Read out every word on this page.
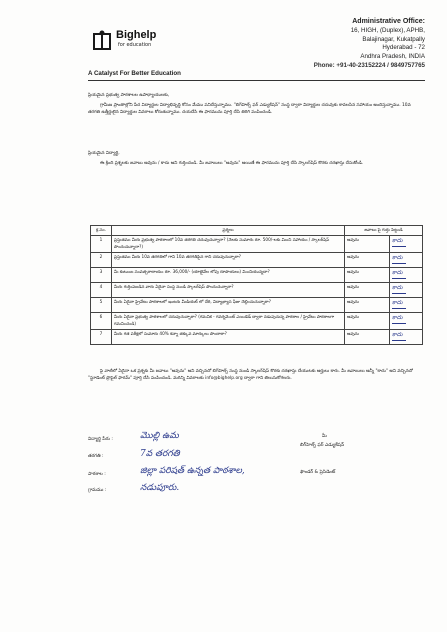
Bighelp
for education
A Catalyst For Better Education
Administrative Office:
16, HIGH, (Duplex), APHB,
Balajinagar, Kukatpally
Hyderabad - 72
Andhra Pradesh, INDIA
Phone: +91-40-23152224 / 9849757765
ప్రియమైన ప్రభుత్వ పాఠశాలల ఉపాధ్యాయులకు,
గ్రామీణ ప్రాంతాల్లోని పేద విద్యార్థుల విద్యాభివృద్ధి కోసం మేము పనిచేస్తున్నాము. "బిగ్‌హెల్ప్ ఫర్ ఎడ్యుకేషన్" సంస్థ ద్వారా విద్యార్థుల చదువుకు కావలసిన సహాయం అందిస్తున్నాము. 10వ తరగతి ఉత్తీర్ణులైన విద్యార్థుల వివరాలు కోరుతున్నాము. దయచేసి ఈ ఫారమును పూర్తి చేసి తిరిగి పంపించండి.
ప్రియమైన విద్యార్థి,
ఈ క్రింది ప్రశ్నలకు జవాబు అవును / కాదు అని గుర్తించండి. మీ జవాబులు "అవును" అయితే ఈ ఫారమును పూర్తి చేసి స్కాలర్‌షిప్ కొరకు దరఖాస్తు చేసుకోండి.
క్ర.సం.	ప్రశ్నలు	జవాబు పై గుర్తు పెట్టండి	
1	ప్రస్తుతము మీరు ప్రభుత్వ పాఠశాలలో 10వ తరగతి చదువుచున్నారా? (నెలకు సుమారు రూ. 500/-లకు మించి సహాయం / స్కాలర్‌షిప్ పొందుచున్నారా?)	అవును	కాదు

2	ప్రస్తుతము మీరు 10వ తరగతిలో గాని 10వ తరగతిపైన గాని చదువుచున్నారా?	అవును	కాదు

3	మీ కుటుంబ సంవత్సరాదాయం రూ. 36,000/- (యాభైవేల లోపు రూపాయలు) మించియున్నదా?	అవును	కాదు

4	మీరు గుర్తింపబడిన వారు ఏదైనా సంస్థ నుండి స్కాలర్‌షిప్ పొందుచున్నారా?	అవును	కాదు

5	మీరు ఏదైనా ప్రైవేటు పాఠశాలలో ఇంటరు మీడియట్ లో చేరి, విద్యాభ్యాస ఫీజు చెల్లించుచున్నారా?	అవును	కాదు

6	మీరు ఏదైనా ప్రభుత్వ పాఠశాలలో చదువుచున్నారా? (గమనిక - గవర్నమెంట్ ఎయిడెడ్ ద్వారా నడుపుచున్న పాఠశాల / ప్రైవేటు పాఠశాలగా గమనించండి)	అవును	కాదు

7	మీరు గత పరీక్షలో సుమారు 40% కన్నా తక్కువ మార్కులు పొందారా?	అవును	కాదు
పై వాటిలో ఏదైనా ఒక ప్రశ్నకు మీ జవాబు "అవును" అని వచ్చినచో బిగ్‌హెల్ప్ సంస్థ నుండి స్కాలర్‌షిప్ కొరకు దరఖాస్తు చేయుటకు అర్హులు కారు. మీ జవాబులు అన్నీ "కాదు" అని వచ్చినచో "స్టూడెంట్ ప్రొఫైల్ ఫారమ్" పూర్తి చేసి పంపించండి. మరిన్ని వివరాలకు info@bighelp.org ద్వారా గాని తెలుసుకోగలరు.
విద్యార్థి పేరు :	మొల్లి ఉమ
తరగతి :	7వ తరగతి
పాఠశాల :	జిల్లా పరిషత్ ఉన్నత పాఠశాల,
గ్రామము :	నడుపూరు.
మీ
బిగ్‌హెల్ప్ ఫర్ ఎడ్యుకేషన్
ఫౌండర్ & ప్రెసిడెంట్
